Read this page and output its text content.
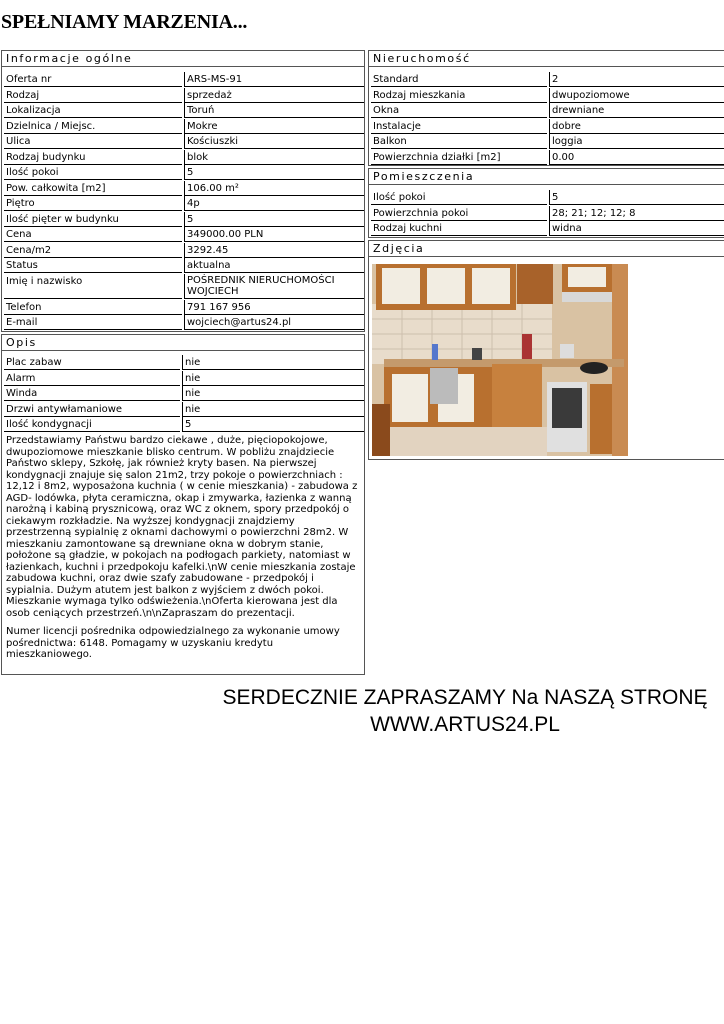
SPEŁNIAMY MARZENIA...
Informacje ogólne
Oferta nr	ARS-MS-91
Rodzaj	sprzedaż
Lokalizacja	Toruń
Dzielnica / Miejsc.	Mokre
Ulica	Kościuszki
Rodzaj budynku	blok
Ilość pokoi	5
Pow. całkowita [m2]	106.00 m²
Piętro	4p
Ilość pięter w budynku	5
Cena	349000.00 PLN
Cena/m2	3292.45
Status	aktualna
Imię i nazwisko	POŚREDNIK NIERUCHOMOŚCI WOJCIECH
Telefon	791 167 956
E-mail	wojciech@artus24.pl
Opis
Plac zabaw	nie
Alarm	nie
Winda	nie
Drzwi antywłamaniowe	nie
Ilość kondygnacji	5

Przedstawiamy Państwu bardzo ciekawe , duże, pięciopokojowe, dwupoziomowe mieszkanie blisko centrum. W pobliżu znajdziecie Państwo sklepy, Szkołę, jak również kryty basen. Na pierwszej kondygnacji znajuje się salon 21m2, trzy pokoje o powierzchniach : 12,12 i 8m2, wyposażona kuchnia ( w cenie mieszkania) - zabudowa z AGD- lodówka, płyta ceramiczna, okap i zmywarka, łazienka z wanną narożną i kabiną prysznicową, oraz WC z oknem, spory przedpokój o ciekawym rozkładzie. Na wyższej kondygnacji znajdziemy przestrzenną sypialnię z oknami dachowymi o powierzchni 28m2. W mieszkaniu zamontowane są drewniane okna w dobrym stanie, położone są gładzie, w pokojach na podłogach parkiety, natomiast w łazienkach, kuchni i przedpokoju kafelki.\nW cenie mieszkania zostaje zabudowa kuchni, oraz dwie szafy zabudowane - przedpokój i sypialnia. Dużym atutem jest balkon z wyjściem z dwóch pokoi. Mieszkanie wymaga tylko odświeżenia.\nOferta kierowana jest dla osob ceniących przestrzeń.\n\nZapraszam do prezentacji.

Numer licencji pośrednika odpowiedzialnego za wykonanie umowy pośrednictwa: 6148. Pomagamy w uzyskaniu kredytu mieszkaniowego.

Nieruchomość
Standard	2
Rodzaj mieszkania	dwupoziomowe
Okna	drewniane
Instalacje	dobre
Balkon	loggia
Powierzchnia działki [m2]	0.00
Pomieszczenia
Ilość pokoi	5
Powierzchnia pokoi	28; 21; 12; 12; 8
Rodzaj kuchni	widna
Zdjęcia
SERDECZNIE ZAPRASZAMY Na NASZĄ STRONĘ
WWW.ARTUS24.PL
